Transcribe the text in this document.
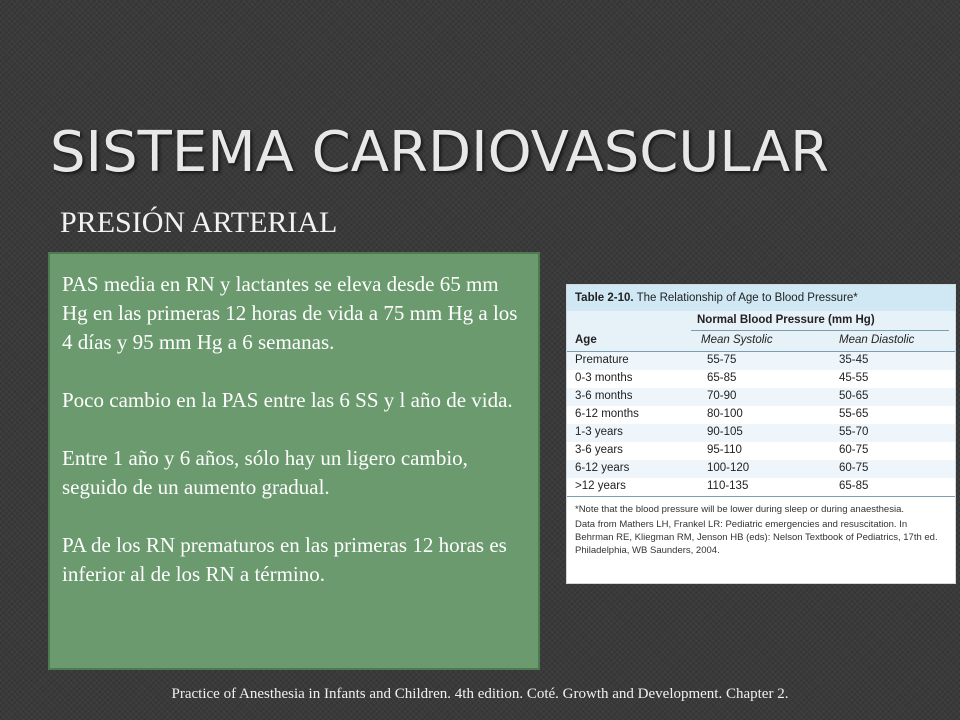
SISTEMA CARDIOVASCULAR
PRESIÓN ARTERIAL

PAS media en RN y lactantes se eleva desde 65 mm Hg en las primeras 12 horas de vida a 75 mm Hg a los 4 días y 95 mm Hg a 6 semanas.

Poco cambio en la PAS entre las 6 SS y l año de vida.

Entre 1 año y 6 años, sólo hay un ligero cambio, seguido de un aumento gradual.

PA de los RN prematuros en las primeras 12 horas es inferior al de los RN a término.

Table 2-10. The Relationship of Age to Blood Pressure*
Normal Blood Pressure (mm Hg)
Age	Mean Systolic	Mean Diastolic
Premature	55-75	35-45
0-3 months	65-85	45-55
3-6 months	70-90	50-65
6-12 months	80-100	55-65
1-3 years	90-105	55-70
3-6 years	95-110	60-75
6-12 years	100-120	60-75
>12 years	110-135	65-85

*Note that the blood pressure will be lower during sleep or during anaesthesia.

Data from Mathers LH, Frankel LR: Pediatric emergencies and resuscitation. In Behrman RE, Kliegman RM, Jenson HB (eds): Nelson Textbook of Pediatrics, 17th ed. Philadelphia, WB Saunders, 2004.

Practice of Anesthesia in Infants and Children. 4th edition. Coté. Growth and Development. Chapter 2.
